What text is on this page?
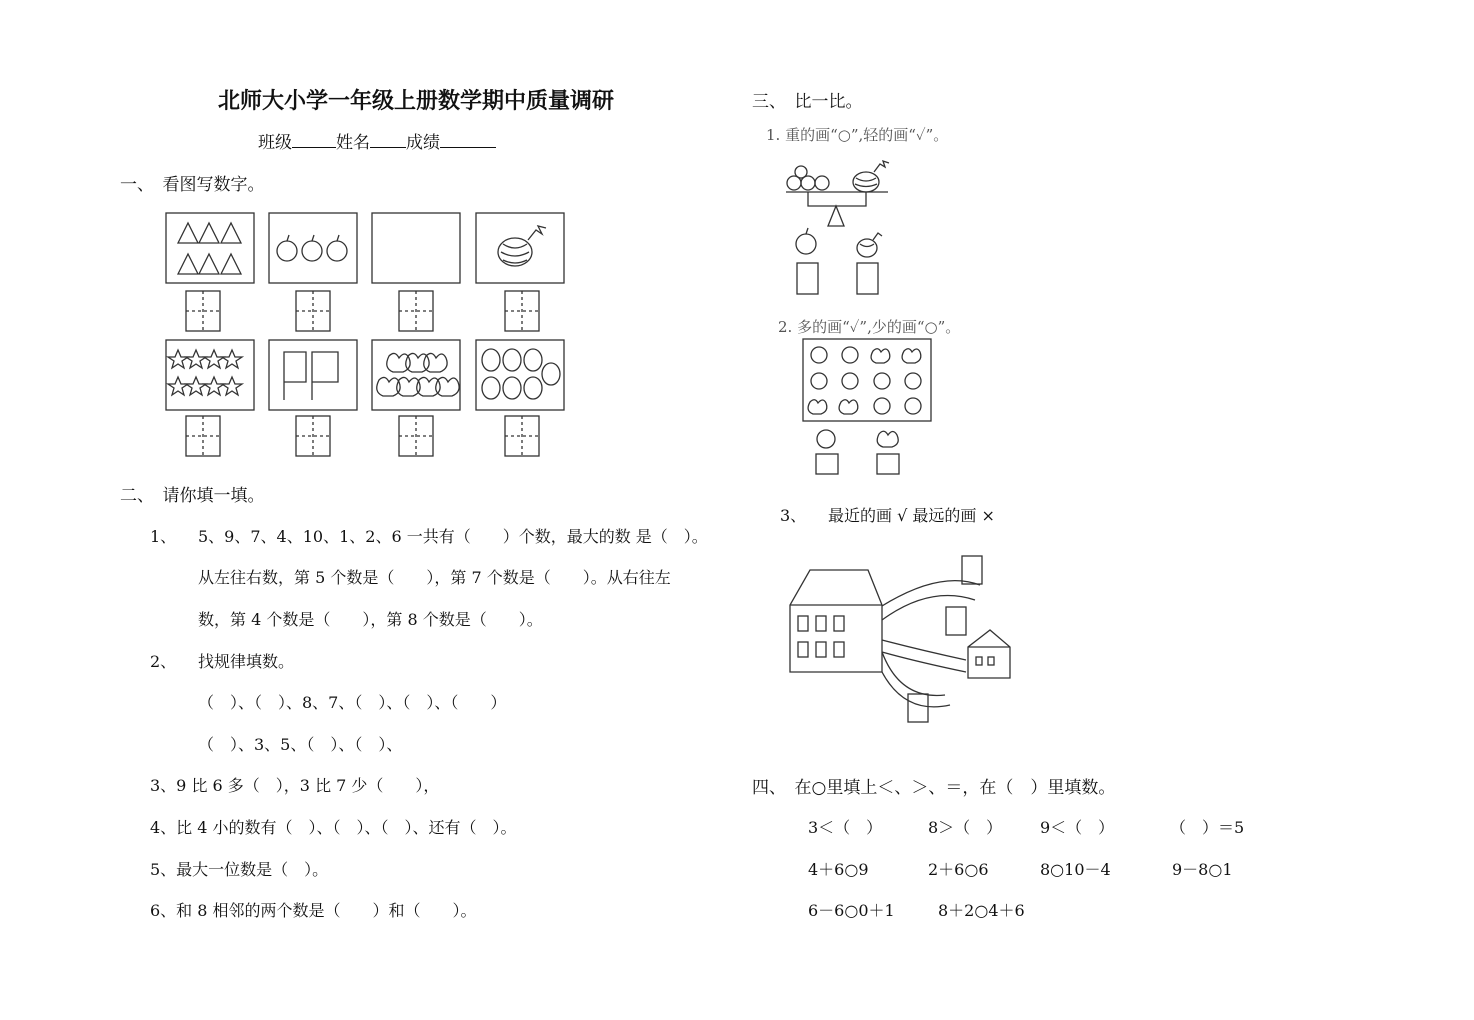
北师大小学一年级上册数学期中质量调研
班级	姓名 成绩
一、　看图写数字。
二、　请你填一填。
1、 5、9、7、4、10、1、2、6 一共有（　　）个数，最大的数 是（　）。
从左往右数，第 5 个数是（　　），第 7 个数是（　　）。从右往左
数，第 4 个数是（　　），第 8 个数是（　　）。
2、 找规律填数。
（　）、（　）、8、7、（　）、（　）、（　　）
（　）、3、5、（　）、（　）、
3、9 比 6 多（　），3 比 7 少（　　），
4、比 4 小的数有（　）、（　）、（　）、还有（　）。
5、最大一位数是（　）。
6、和 8 相邻的两个数是（　　）和（　　）。
三、　比一比。
1. 重的画“○”,轻的画“✓”。
2. 多的画“✓”,少的画“○”。
3、 最近的画 √ 最远的画 ×
四、　在○里填上＜、＞、＝，在（　）里填数。
3＜（　）	8＞（　） 9＜（　）	（　）＝5
4＋6○9	2＋6○6	8○10－4	9－8○1
6－6○0＋1	8＋2○4＋6
